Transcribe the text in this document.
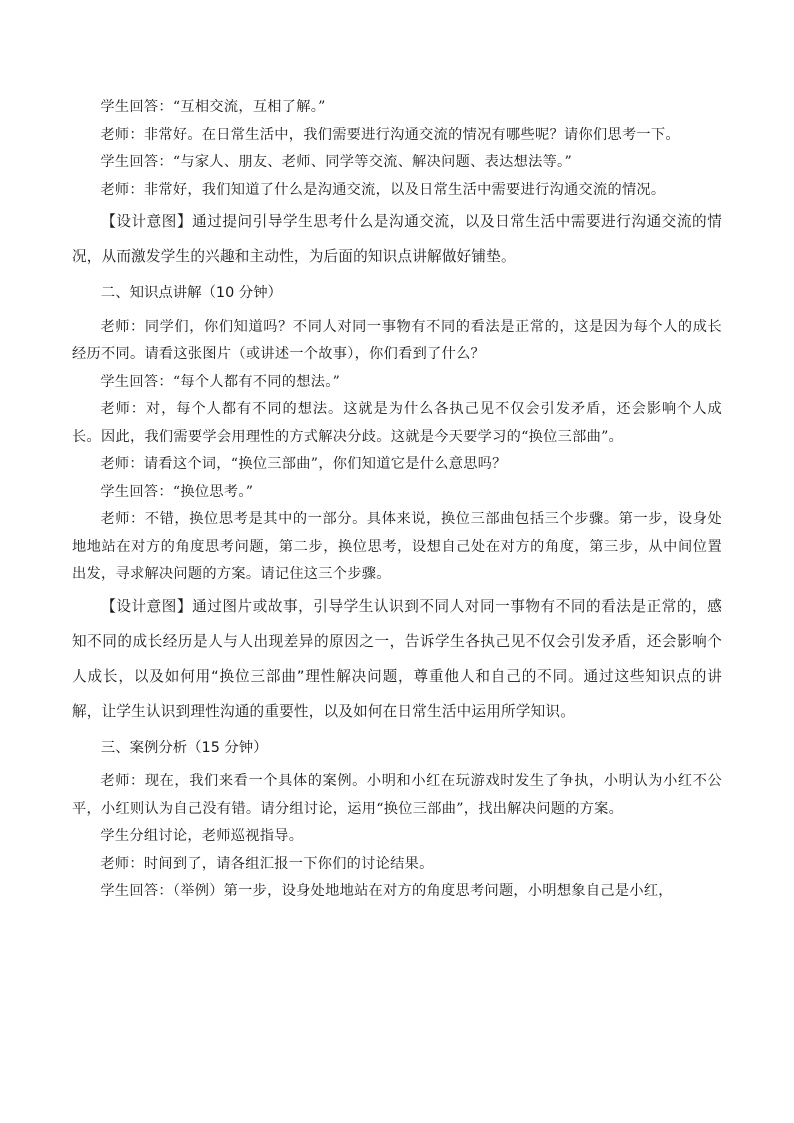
学生回答：“互相交流，互相了解。”

老师：非常好。在日常生活中，我们需要进行沟通交流的情况有哪些呢？请你们思考一下。

学生回答：“与家人、朋友、老师、同学等交流、解决问题、表达想法等。”

老师：非常好，我们知道了什么是沟通交流，以及日常生活中需要进行沟通交流的情况。

【设计意图】通过提问引导学生思考什么是沟通交流，以及日常生活中需要进行沟通交流的情况，从而激发学生的兴趣和主动性，为后面的知识点讲解做好铺垫。

二、知识点讲解（10 分钟）

老师：同学们，你们知道吗？不同人对同一事物有不同的看法是正常的，这是因为每个人的成长经历不同。请看这张图片（或讲述一个故事），你们看到了什么？

学生回答：“每个人都有不同的想法。”

老师：对，每个人都有不同的想法。这就是为什么各执己见不仅会引发矛盾，还会影响个人成长。因此，我们需要学会用理性的方式解决分歧。这就是今天要学习的“换位三部曲”。

老师：请看这个词，“换位三部曲”，你们知道它是什么意思吗？

学生回答：“换位思考。”

老师：不错，换位思考是其中的一部分。具体来说，换位三部曲包括三个步骤。第一步，设身处地地站在对方的角度思考问题，第二步，换位思考，设想自己处在对方的角度，第三步，从中间位置出发，寻求解决问题的方案。请记住这三个步骤。

【设计意图】通过图片或故事，引导学生认识到不同人对同一事物有不同的看法是正常的，感知不同的成长经历是人与人出现差异的原因之一，告诉学生各执己见不仅会引发矛盾，还会影响个人成长，以及如何用“换位三部曲”理性解决问题，尊重他人和自己的不同。通过这些知识点的讲解，让学生认识到理性沟通的重要性，以及如何在日常生活中运用所学知识。

三、案例分析（15 分钟）

老师：现在，我们来看一个具体的案例。小明和小红在玩游戏时发生了争执，小明认为小红不公平，小红则认为自己没有错。请分组讨论，运用“换位三部曲”，找出解决问题的方案。

学生分组讨论，老师巡视指导。

老师：时间到了，请各组汇报一下你们的讨论结果。

学生回答：（举例）第一步，设身处地地站在对方的角度思考问题，小明想象自己是小红，
